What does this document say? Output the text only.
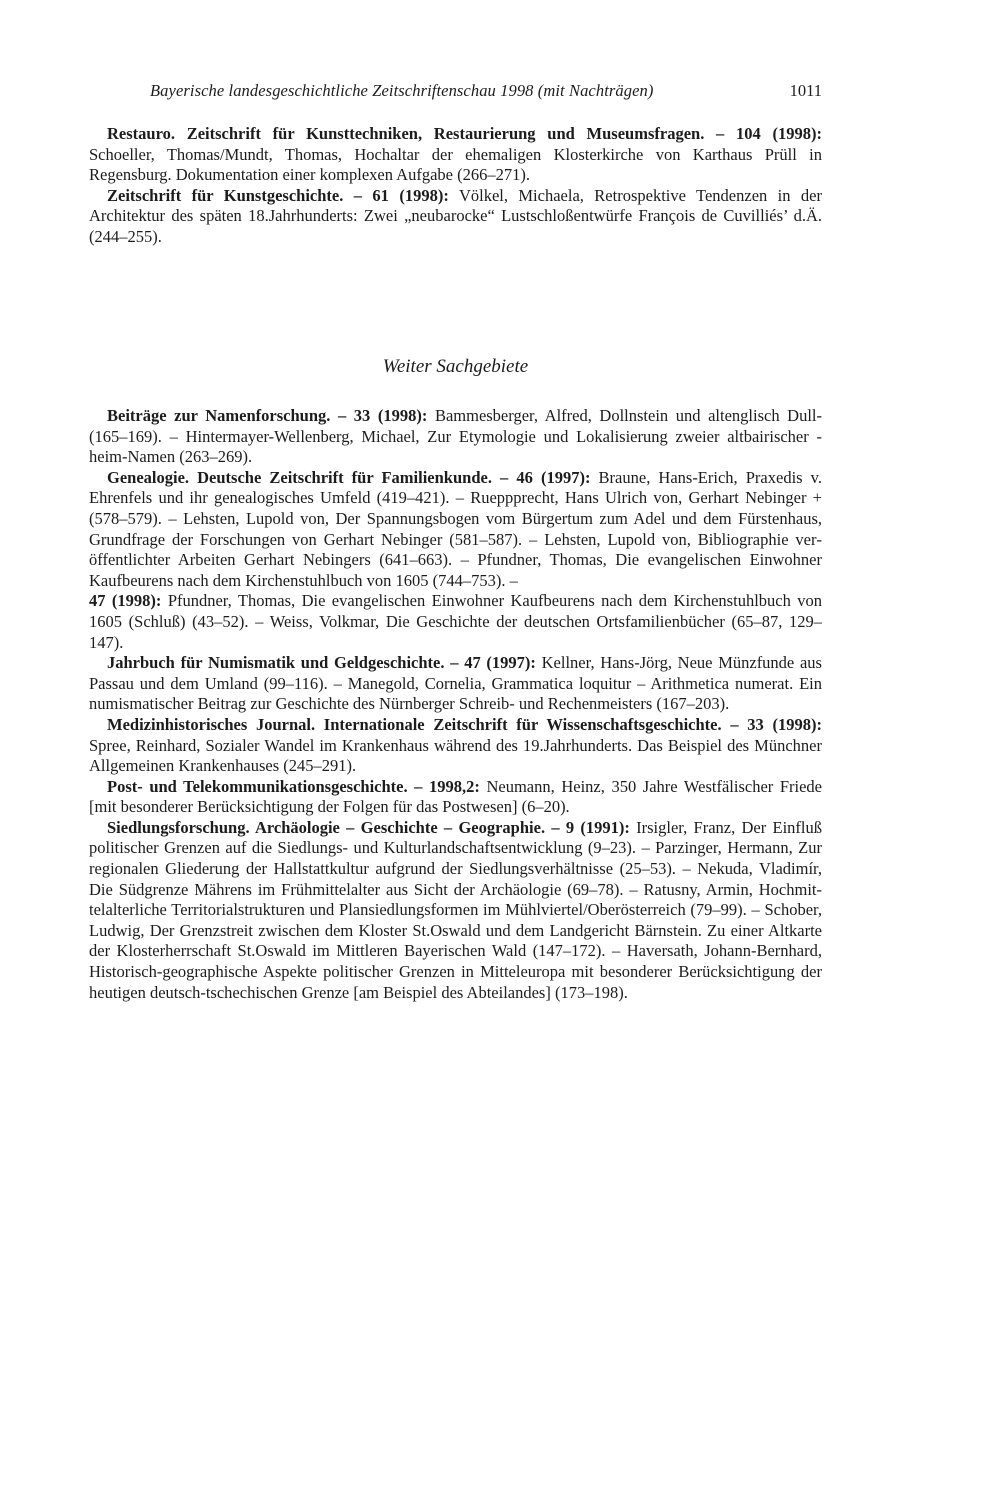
Bayerische landesgeschichtliche Zeitschriftenschau 1998 (mit Nachträgen)	1011

Restauro. Zeitschrift für Kunsttechniken, Restaurierung und Museumsfragen. – 104 (1998): Schoeller, Thomas/Mundt, Thomas, Hochaltar der ehemaligen Klosterkirche von Karthaus Prüll in Regensburg. Dokumentation einer komplexen Aufgabe (266–271).

Zeitschrift für Kunstgeschichte. – 61 (1998): Völkel, Michaela, Retrospektive Tendenzen in der Architektur des späten 18.Jahrhunderts: Zwei „neubarocke“ Lustschloßentwürfe François de Cuvilliés’ d.Ä. (244–255).

Weiter Sachgebiete

Beiträge zur Namenforschung. – 33 (1998): Bammesberger, Alfred, Dollnstein und altenglisch Dull- (165–169). – Hintermayer-Wellenberg, Michael, Zur Etymologie und Lokalisierung zweier altbairischer -heim-Namen (263–269).

Genealogie. Deutsche Zeitschrift für Familienkunde. – 46 (1997): Braune, Hans-Erich, Praxedis v. Ehrenfels und ihr genealogisches Umfeld (419–421). – Rueppprecht, Hans Ulrich von, Gerhart Nebinger + (578–579). – Lehsten, Lupold von, Der Spannungsbogen vom Bürgertum zum Adel und dem Fürstenhaus, Grundfrage der Forschungen von Gerhart Nebinger (581–587). – Lehsten, Lupold von, Bibliographie veröffentlichter Arbeiten Gerhart Nebingers (641–663). – Pfundner, Thomas, Die evangelischen Einwohner Kaufbeurens nach dem Kirchenstuhlbuch von 1605 (744–753). –

47 (1998): Pfundner, Thomas, Die evangelischen Einwohner Kaufbeurens nach dem Kirchenstuhlbuch von 1605 (Schluß) (43–52). – Weiss, Volkmar, Die Geschichte der deutschen Ortsfamilienbücher (65–87, 129–147).

Jahrbuch für Numismatik und Geldgeschichte. – 47 (1997): Kellner, Hans-Jörg, Neue Münzfunde aus Passau und dem Umland (99–116). – Manegold, Cornelia, Grammatica loquitur – Arithmetica numerat. Ein numismatischer Beitrag zur Geschichte des Nürnberger Schreib- und Rechenmeisters (167–203).

Medizinhistorisches Journal. Internationale Zeitschrift für Wissenschaftsgeschichte. – 33 (1998): Spree, Reinhard, Sozialer Wandel im Krankenhaus während des 19.Jahrhunderts. Das Beispiel des Münchner Allgemeinen Krankenhauses (245–291).

Post- und Telekommunikationsgeschichte. – 1998,2: Neumann, Heinz, 350 Jahre Westfälischer Friede [mit besonderer Berücksichtigung der Folgen für das Postwesen] (6–20).

Siedlungsforschung. Archäologie – Geschichte – Geographie. – 9 (1991): Irsigler, Franz, Der Einfluß politischer Grenzen auf die Siedlungs- und Kulturlandschaftsentwicklung (9–23). – Parzinger, Hermann, Zur regionalen Gliederung der Hallstattkultur aufgrund der Siedlungsverhältnisse (25–53). – Nekuda, Vladimír, Die Südgrenze Mährens im Frühmittelalter aus Sicht der Archäologie (69–78). – Ratusny, Armin, Hochmittelalterliche Territorialstrukturen und Plansiedlungsformen im Mühlviertel/Oberösterreich (79–99). – Schober, Ludwig, Der Grenzstreit zwischen dem Kloster St.Oswald und dem Landgericht Bärnstein. Zu einer Altkarte der Klosterherrschaft St.Oswald im Mittleren Bayerischen Wald (147–172). – Haversath, Johann-Bernhard, Historisch-geographische Aspekte politischer Grenzen in Mitteleuropa mit besonderer Berücksichtigung der heutigen deutsch-tschechischen Grenze [am Beispiel des Abteilandes] (173–198).
